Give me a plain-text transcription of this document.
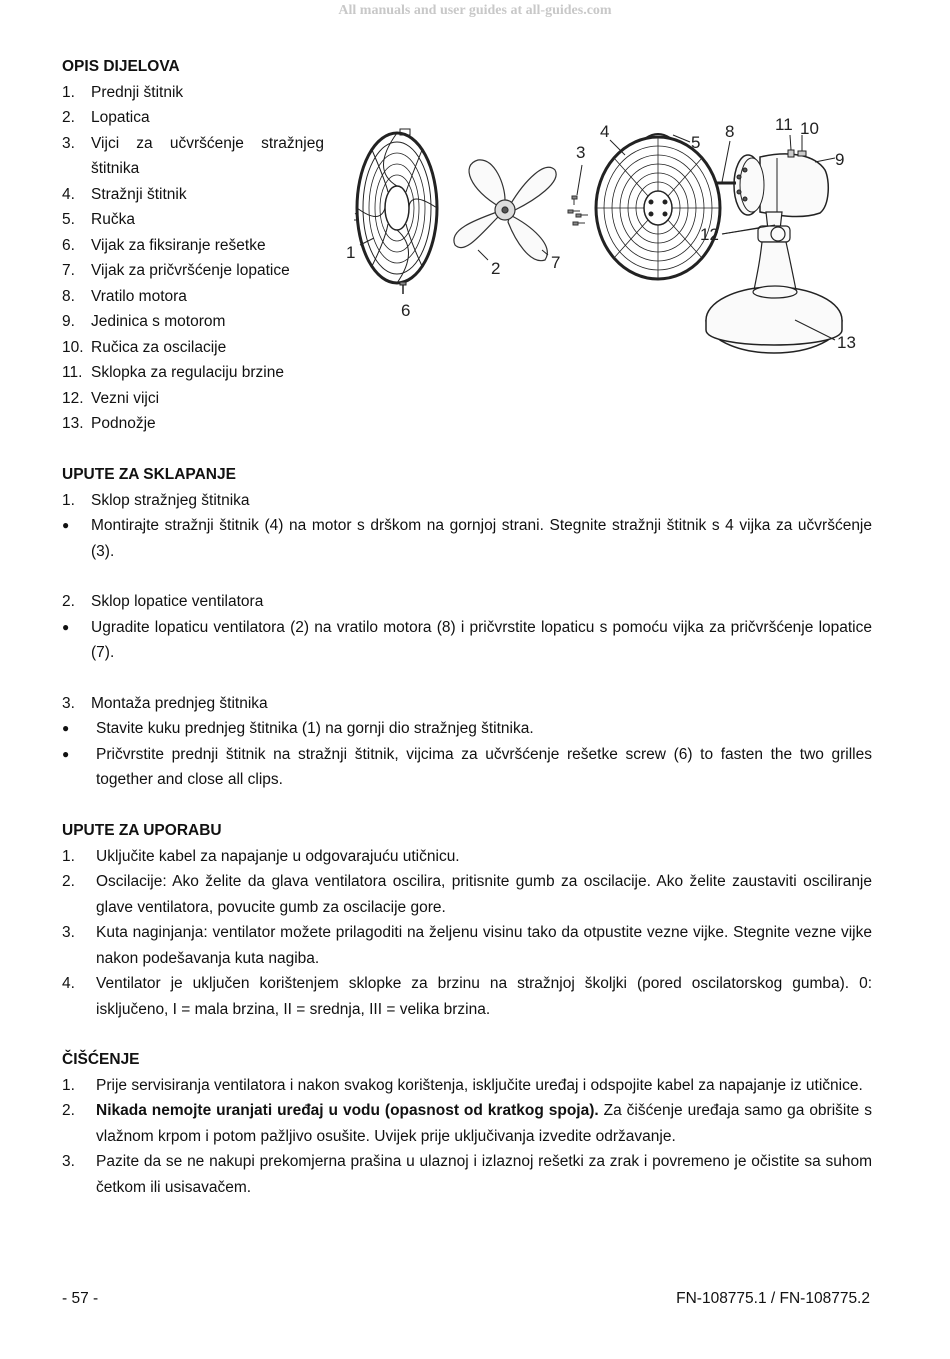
All manuals and user guides at all-guides.com

OPIS DIJELOVA

1. Prednji štitnik
2. Lopatica
3. Vijci za učvršćenje stražnjeg
štitnika
4. Stražnji štitnik
5. Ručka
6. Vijak za fiksiranje rešetke
7. Vijak za pričvršćenje lopatice
8. Vratilo motora
9. Jedinica s motorom
10. Ručica za oscilacije
11. Sklopka za regulaciju brzine
12. Vezni vijci
13. Podnožje
1
2
3
4
5
6
7
8
9
10
11
12
13

UPUTE ZA SKLAPANJE

1. Sklop stražnjeg štitnika
● Montirajte stražnji štitnik (4) na motor s drškom na gornjoj strani. Stegnite stražnji štitnik s 4 vijka za učvršćenje (3).
2. Sklop lopatice ventilatora
● Ugradite lopaticu ventilatora (2) na vratilo motora (8) i pričvrstite lopaticu s pomoću vijka za pričvršćenje lopatice (7).
3. Montaža prednjeg štitnika
● Stavite kuku prednjeg štitnika (1) na gornji dio stražnjeg štitnika.
● Pričvrstite prednji štitnik na stražnji štitnik, vijcima za učvršćenje rešetke screw (6) to fasten the two grilles together and close all clips.

UPUTE ZA UPORABU

1. Uključite kabel za napajanje u odgovarajuću utičnicu.
2. Oscilacije: Ako želite da glava ventilatora oscilira, pritisnite gumb za oscilacije. Ako želite zaustaviti osciliranje glave ventilatora, povucite gumb za oscilacije gore.
3. Kuta naginjanja: ventilator možete prilagoditi na željenu visinu tako da otpustite vezne vijke. Stegnite vezne vijke nakon podešavanja kuta nagiba.
4. Ventilator je uključen korištenjem sklopke za brzinu na stražnjoj školjki (pored oscilatorskog gumba). 0: isključeno, I = mala brzina, II = srednja, III = velika brzina.

ČIŠĆENJE

1. Prije servisiranja ventilatora i nakon svakog korištenja, isključite uređaj i odspojite kabel za napajanje iz utičnice.
2. Nikada nemojte uranjati uređaj u vodu (opasnost od kratkog spoja). Za čišćenje uređaja samo ga obrišite s vlažnom krpom i potom pažljivo osušite. Uvijek prije uključivanja izvedite održavanje.
3. Pazite da se ne nakupi prekomjerna prašina u ulaznoj i izlaznoj rešetki za zrak i povremeno je očistite sa suhom četkom ili usisavačem.
- 57 -	FN-108775.1 / FN-108775.2
